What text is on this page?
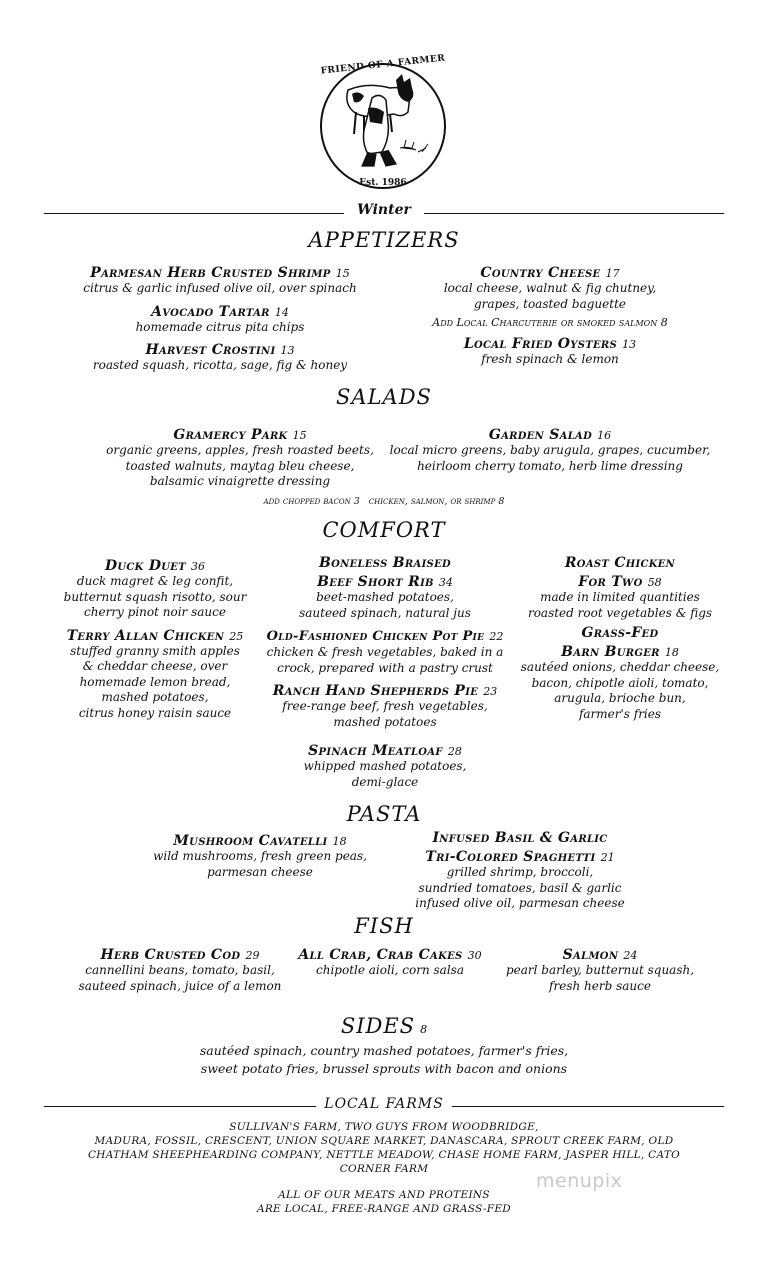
FRIEND OF A FARMER
Est. 1986
Winter
APPETIZERS
Parmesan Herb Crusted Shrimp 15
citrus & garlic infused olive oil, over spinach
Avocado Tartar 14
homemade citrus pita chips
Harvest Crostini 13
roasted squash, ricotta, sage, fig & honey
Country Cheese 17
local cheese, walnut & fig chutney,
grapes, toasted baguette
Add Local Charcuterie or smoked salmon 8
Local Fried Oysters 13
fresh spinach & lemon
SALADS
Gramercy Park 15
organic greens, apples, fresh roasted beets,
toasted walnuts, maytag bleu cheese,
balsamic vinaigrette dressing
Garden Salad 16
local micro greens, baby arugula, grapes, cucumber,
heirloom cherry tomato, herb lime dressing
add chopped bacon 3   chicken, salmon, or shrimp 8
COMFORT
Duck Duet 36
duck magret & leg confit,
butternut squash risotto, sour
cherry pinot noir sauce
Terry Allan Chicken 25
stuffed granny smith apples
& cheddar cheese, over
homemade lemon bread,
mashed potatoes,
citrus honey raisin sauce
Boneless Braised
Beef Short Rib 34
beet-mashed potatoes,
sauteed spinach, natural jus
Old-Fashioned Chicken Pot Pie 22
chicken & fresh vegetables, baked in a
crock, prepared with a pastry crust
Ranch Hand Shepherds Pie 23
free-range beef, fresh vegetables,
mashed potatoes
Spinach Meatloaf 28
whipped mashed potatoes,
demi-glace
Roast Chicken
For Two 58
made in limited quantities
roasted root vegetables & figs
Grass-Fed
Barn Burger 18
sautéed onions, cheddar cheese,
bacon, chipotle aioli, tomato,
arugula, brioche bun,
farmer's fries
PASTA
Mushroom Cavatelli 18
wild mushrooms, fresh green peas,
parmesan cheese
Infused Basil & Garlic
Tri-Colored Spaghetti 21
grilled shrimp, broccoli,
sundried tomatoes, basil & garlic
infused olive oil, parmesan cheese
FISH
Herb Crusted Cod 29
cannellini beans, tomato, basil,
sauteed spinach, juice of a lemon
All Crab, Crab Cakes 30
chipotle aioli, corn salsa
Salmon 24
pearl barley, butternut squash,
fresh herb sauce
SIDES 8
sautéed spinach, country mashed potatoes, farmer's fries,
sweet potato fries, brussel sprouts with bacon and onions
LOCAL FARMS
SULLIVAN'S FARM, TWO GUYS FROM WOODBRIDGE,
MADURA, FOSSIL, CRESCENT, UNION SQUARE MARKET, DANASCARA, SPROUT CREEK FARM, OLD
CHATHAM SHEEPHEARDING COMPANY, NETTLE MEADOW, CHASE HOME FARM, JASPER HILL, CATO
CORNER FARM
ALL OF OUR MEATS AND PROTEINS
ARE LOCAL, FREE-RANGE AND GRASS-FED
menupix
